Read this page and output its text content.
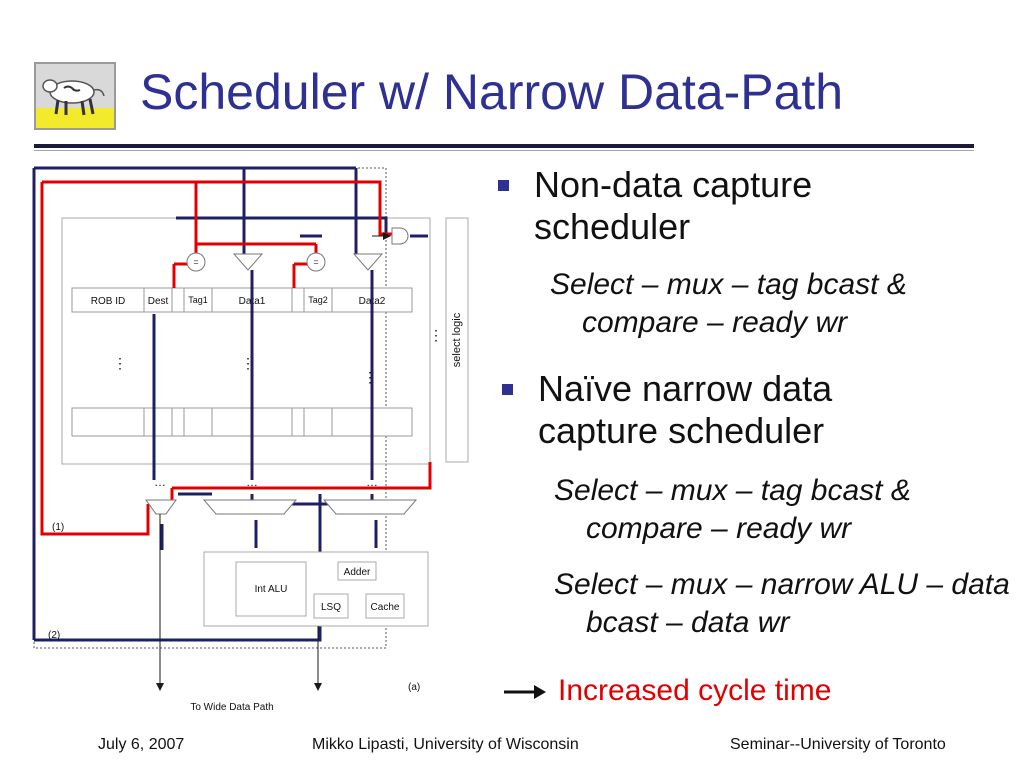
Scheduler w/ Narrow Data-Path
select logic
⋮
ROB ID Dest Tag1	Data1	Tag2	Data2
⋮	⋮
⋮
=	=
…	…	…
(1)
(2)
(a)
Int ALU
Adder
LSQ	Cache
To Wide Data Path
Non-data capture scheduler
Select – mux – tag bcast & compare – ready wr
Naïve narrow data capture scheduler
Select – mux – tag bcast & compare – ready wr
Select – mux – narrow ALU – data bcast – data wr
Increased cycle time
July 6, 2007	Mikko Lipasti, University of Wisconsin	Seminar--University of Toronto
